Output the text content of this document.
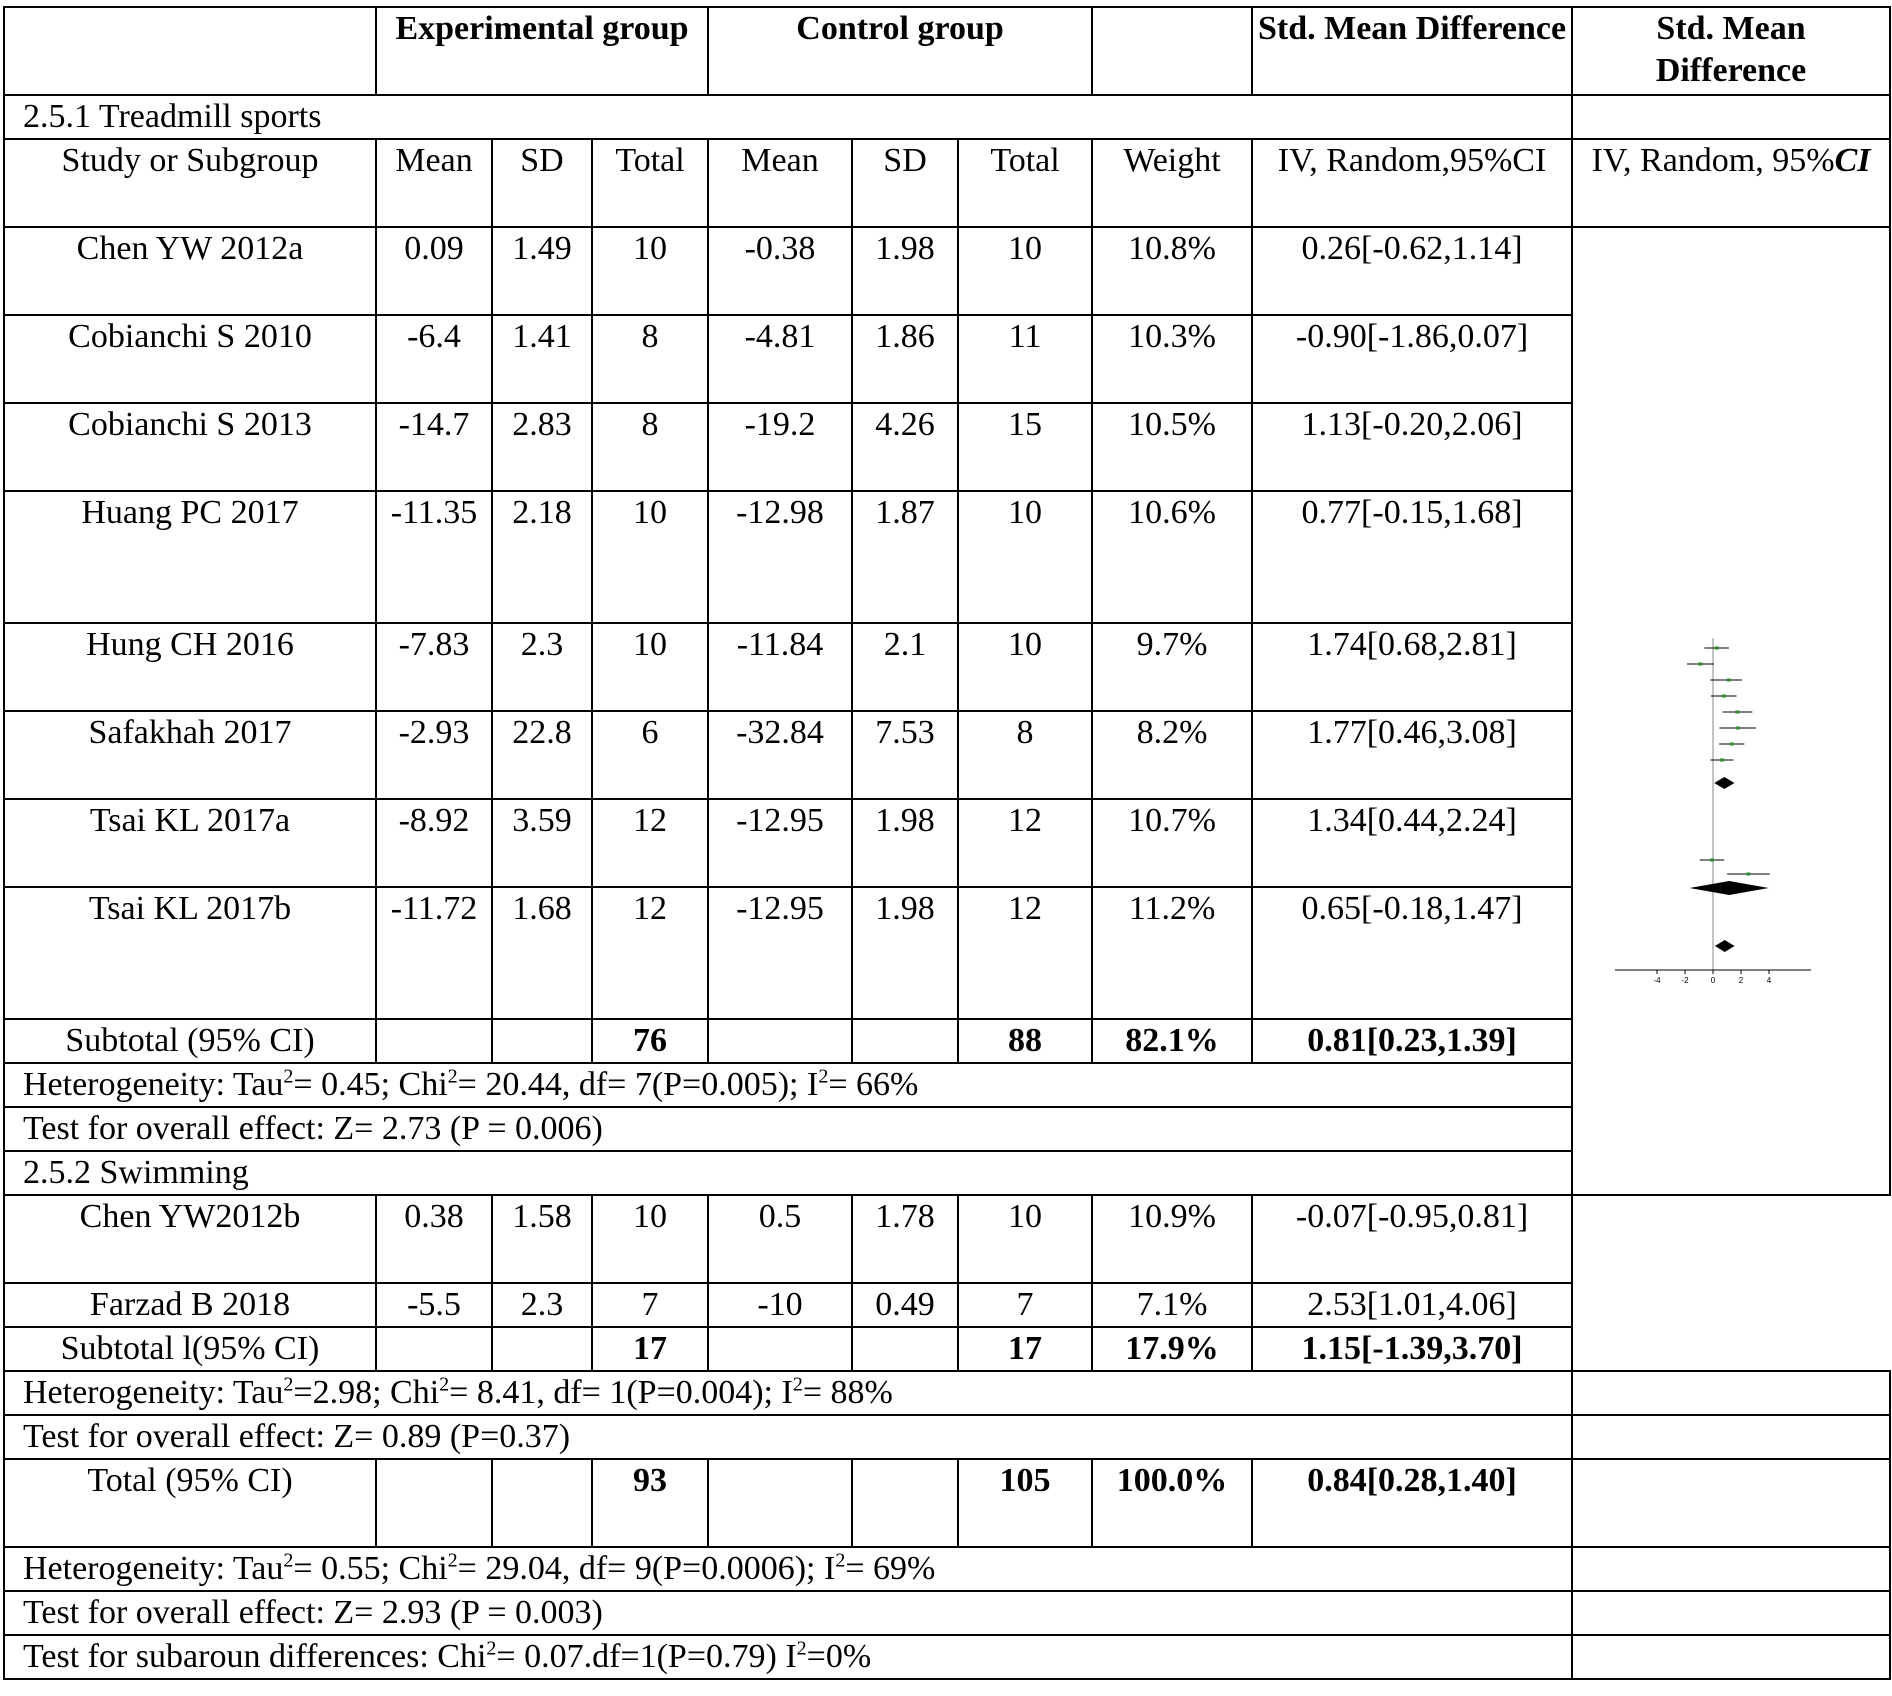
	Experimental group			Control group				Std. Mean Difference	Std. Mean Difference
2.5.1 Treadmill sports									
Study or Subgroup	Mean	SD	Total	Mean	SD	Total	Weight	IV, Random,95%CI	IV, Random, 95%CI
Chen YW 2012a	0.09	1.49	10	-0.38	1.98	10	10.8%	0.26[-0.62,1.14]	-4 -2 0 2 4

Cobianchi S 2010	-6.4	1.41	8	-4.81	1.86	11	10.3%	-0.90[-1.86,0.07]	
Cobianchi S 2013	-14.7	2.83	8	-19.2	4.26	15	10.5%	1.13[-0.20,2.06]	
Huang PC 2017	-11.35	2.18	10	-12.98	1.87	10	10.6%	0.77[-0.15,1.68]	
Hung CH 2016	-7.83	2.3	10	-11.84	2.1	10	9.7%	1.74[0.68,2.81]	
Safakhah 2017	-2.93	22.8	6	-32.84	7.53	8	8.2%	1.77[0.46,3.08]	
Tsai KL 2017a	-8.92	3.59	12	-12.95	1.98	12	10.7%	1.34[0.44,2.24]	
Tsai KL 2017b	-11.72	1.68	12	-12.95	1.98	12	11.2%	0.65[-0.18,1.47]	
Subtotal (95% CI)			76			88	82.1%	0.81[0.23,1.39]	
Heterogeneity: Tau$^2$= 0.45; Chi$^2$= 20.44, df= 7(P=0.005); $I^2= 66\%$									
Test for overall effect: Z= 2.73 (P = 0.006)									
2.5.2 Swimming									
Chen YW2012b	0.38	1.58	10	0.5	1.78	10	10.9%	-0.07[-0.95,0.81]	
Farzad B 2018	-5.5	2.3	7	-10	0.49	7	7.1%	2.53[1.01,4.06]	
Subtotal l(95% CI)			17			17	17.9%	1.15[-1.39,3.70]	
Heterogeneity: Tau$^2$=2.98; Chi$^2$= 8.41, df= 1(P=0.004); $I^2= 88\%$									
Test for overall effect: Z= 0.89 (P=0.37)									
Total (95% CI)			93			105	100.0%	0.84[0.28,1.40]	
Heterogeneity: Tau$^2$= 0.55; Chi$^2$= 29.04, df= 9(P=0.0006); $I^2= 69\%$									
Test for overall effect: Z= 2.93 (P = 0.003)									
Test for subaroun differences: Chi$^2$= 0.07.df=1(P=0.79) $I^2=0\%$									
